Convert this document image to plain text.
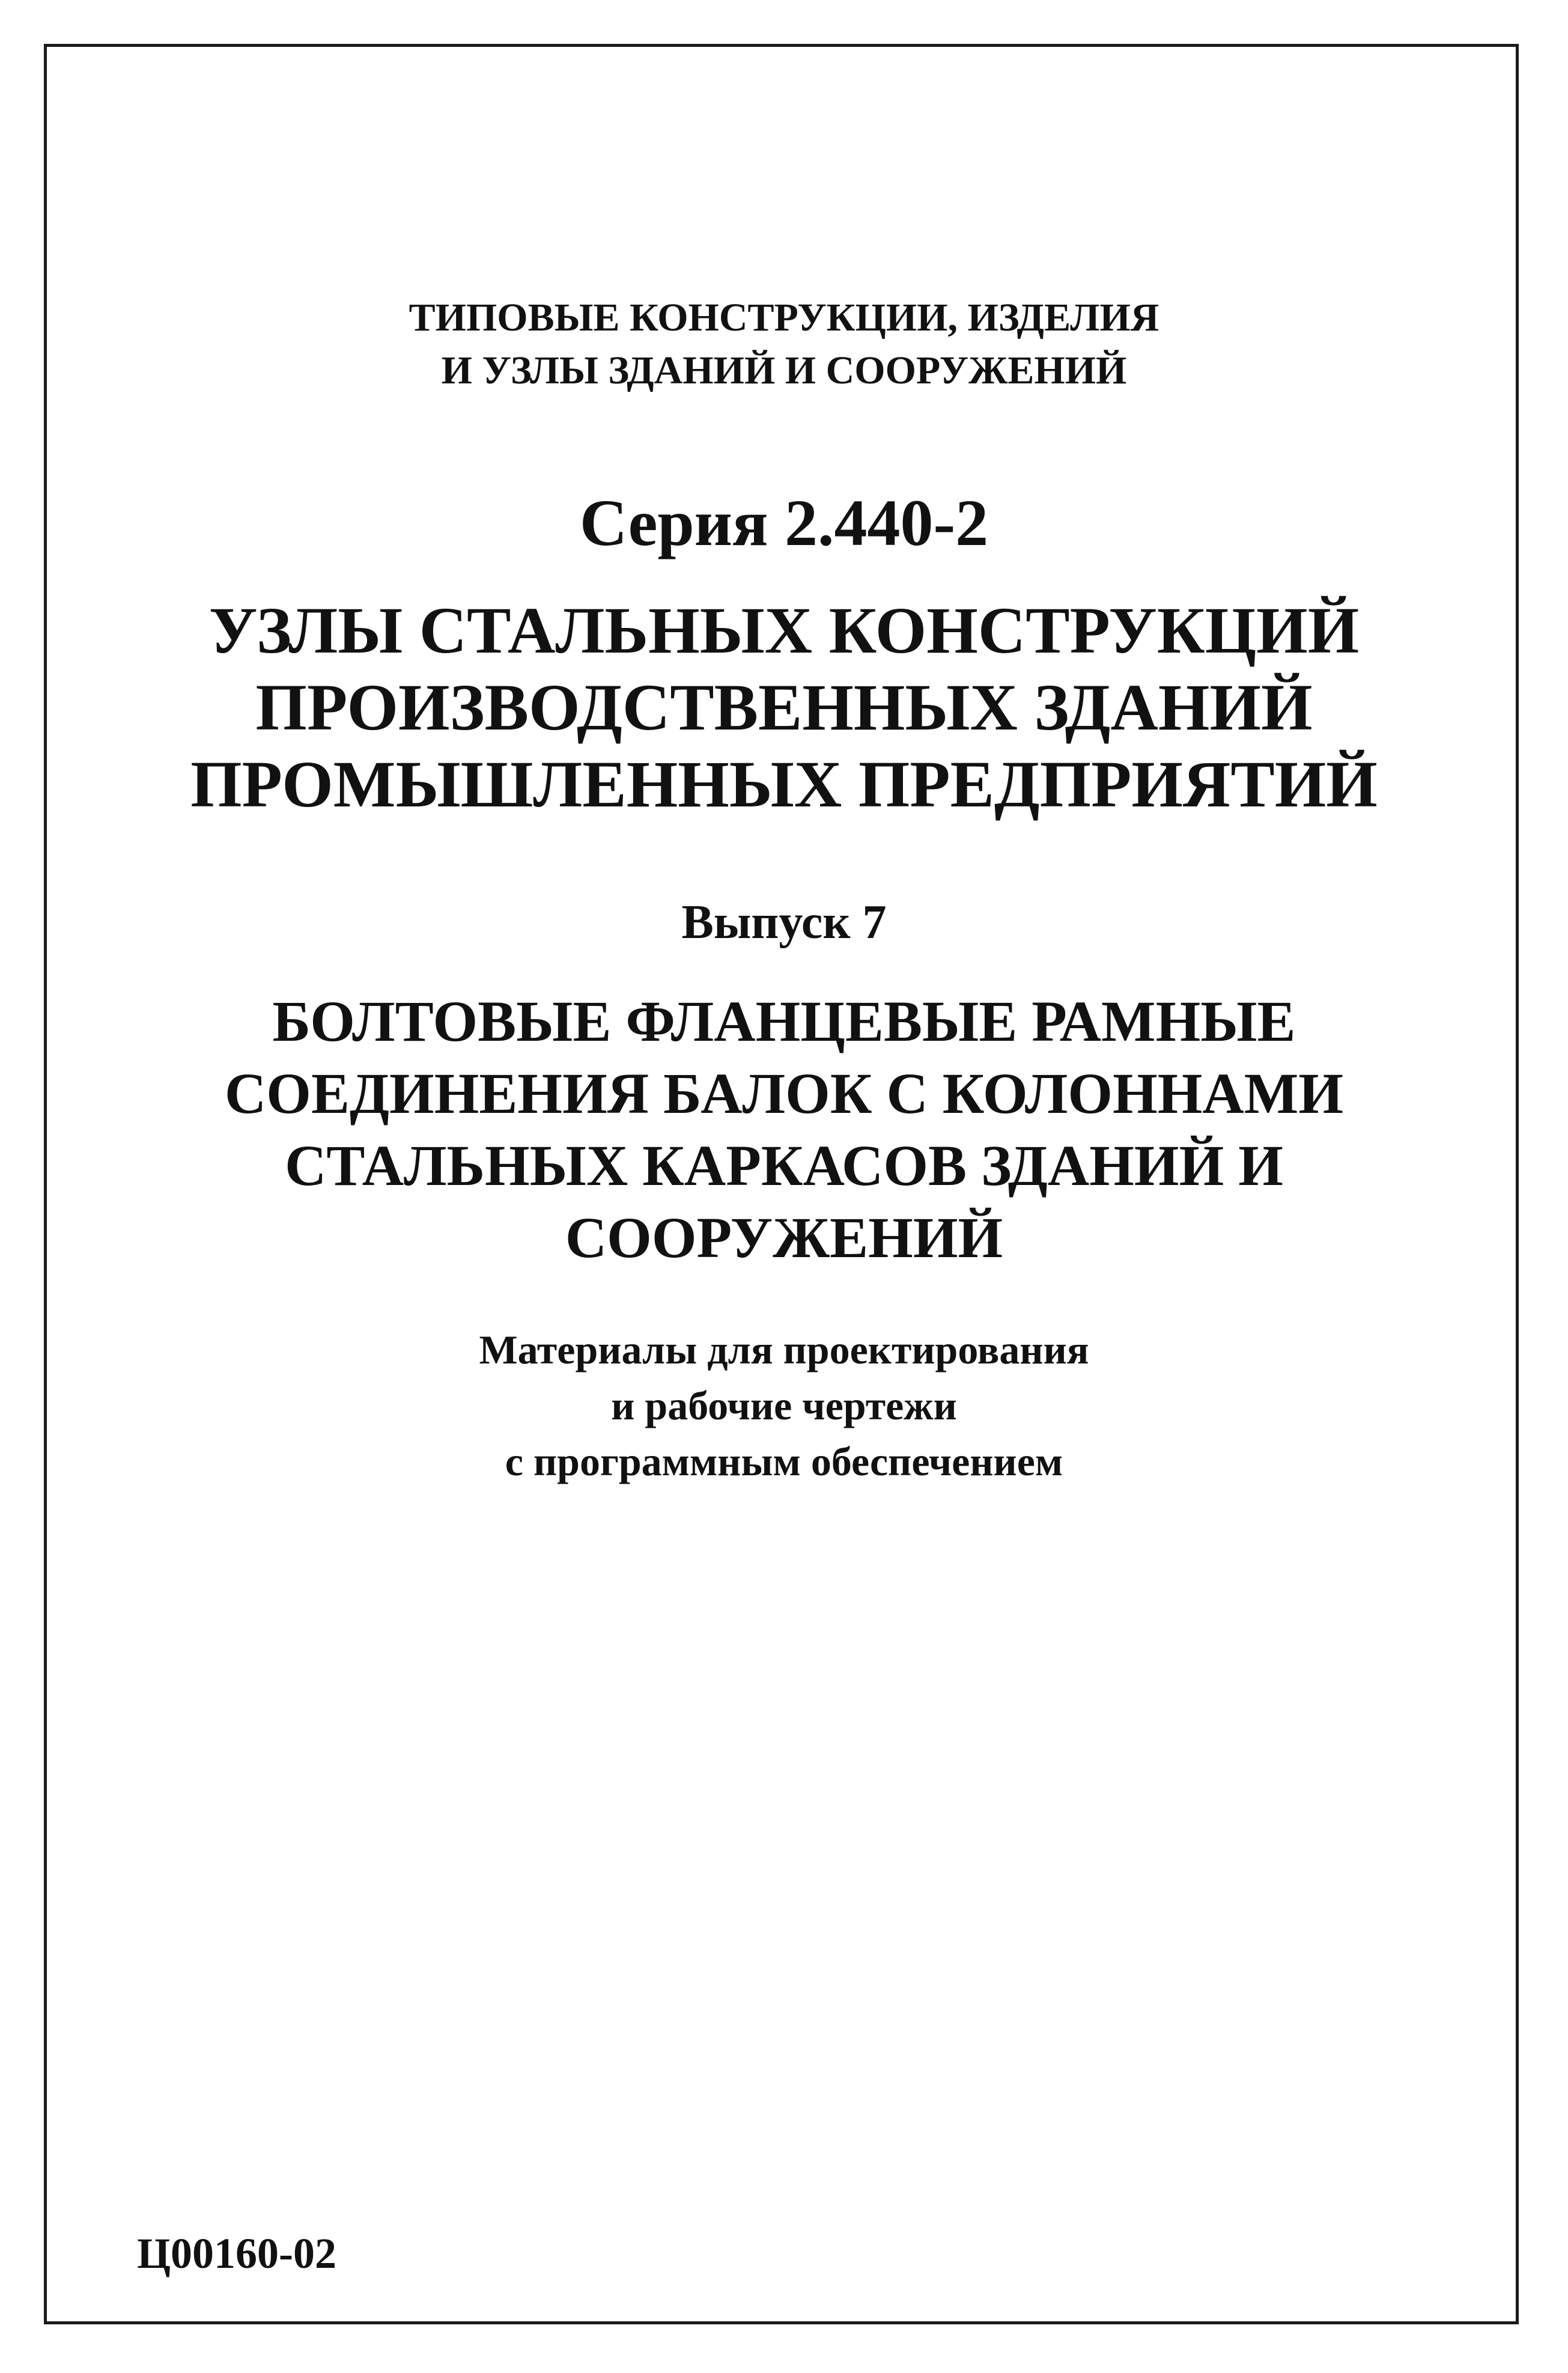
ТИПОВЫЕ КОНСТРУКЦИИ, ИЗДЕЛИЯ
И УЗЛЫ ЗДАНИЙ И СООРУЖЕНИЙ
Серия 2.440-2
УЗЛЫ СТАЛЬНЫХ КОНСТРУКЦИЙ
ПРОИЗВОДСТВЕННЫХ ЗДАНИЙ
ПРОМЫШЛЕННЫХ ПРЕДПРИЯТИЙ
Выпуск 7
БОЛТОВЫЕ ФЛАНЦЕВЫЕ РАМНЫЕ
СОЕДИНЕНИЯ БАЛОК С КОЛОННАМИ
СТАЛЬНЫХ КАРКАСОВ ЗДАНИЙ И
СООРУЖЕНИЙ
Материалы для проектирования
и рабочие чертежи
с программным обеспечением
Ц00160-02
